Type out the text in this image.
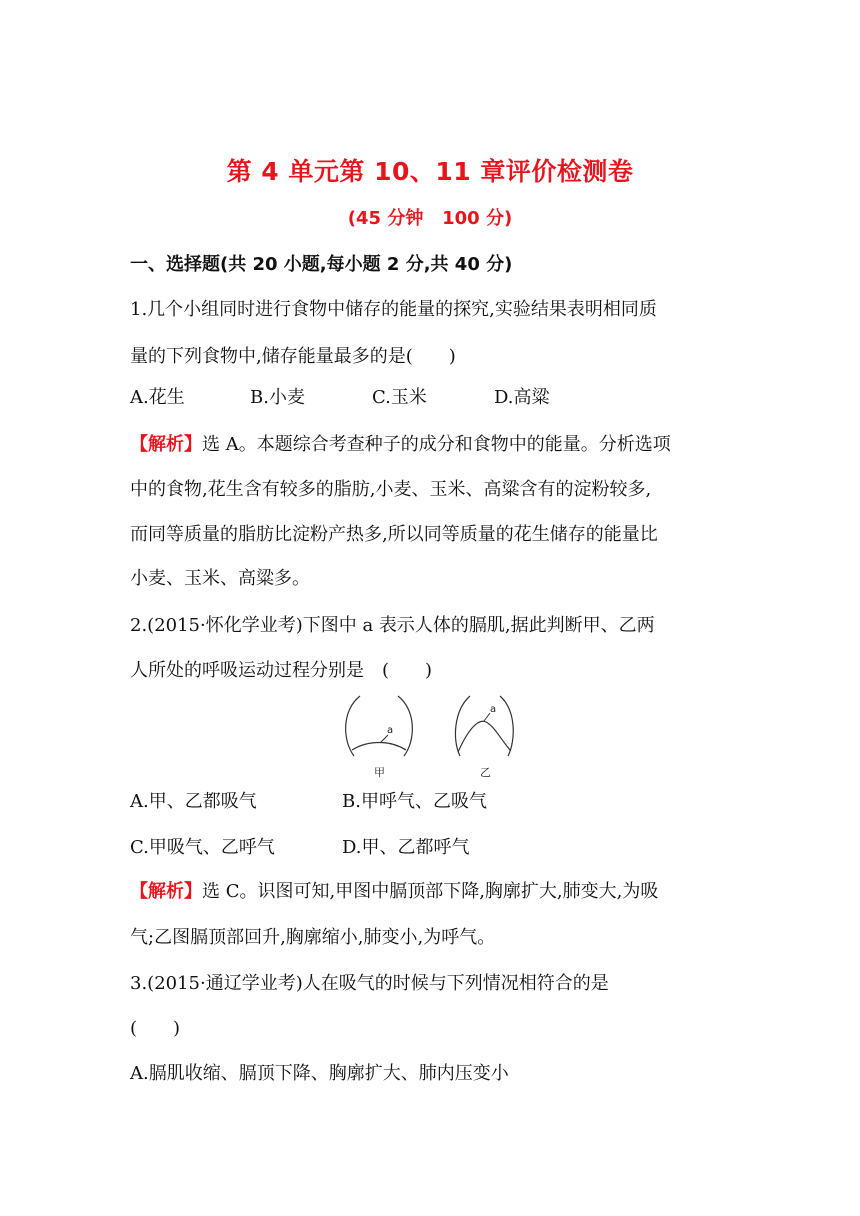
第 4 单元第 10、11 章评价检测卷
(45 分钟   100 分)
一、选择题(共 20 小题,每小题 2 分,共 40 分)
1.几个小组同时进行食物中储存的能量的探究,实验结果表明相同质
量的下列食物中,储存能量最多的是(　　)
A.花生	B.小麦	C.玉米	D.高粱
【解析】选 A。本题综合考查种子的成分和食物中的能量。分析选项
中的食物,花生含有较多的脂肪,小麦、玉米、高粱含有的淀粉较多,
而同等质量的脂肪比淀粉产热多,所以同等质量的花生储存的能量比
小麦、玉米、高粱多。
2.(2015·怀化学业考)下图中 a 表示人体的膈肌,据此判断甲、乙两
人所处的呼吸运动过程分别是　(　　)
a
甲
a
乙
A.甲、乙都吸气	B.甲呼气、乙吸气
C.甲吸气、乙呼气	D.甲、乙都呼气
【解析】选 C。识图可知,甲图中膈顶部下降,胸廓扩大,肺变大,为吸
气;乙图膈顶部回升,胸廓缩小,肺变小,为呼气。
3.(2015·通辽学业考)人在吸气的时候与下列情况相符合的是
(　　)
A.膈肌收缩、膈顶下降、胸廓扩大、肺内压变小
